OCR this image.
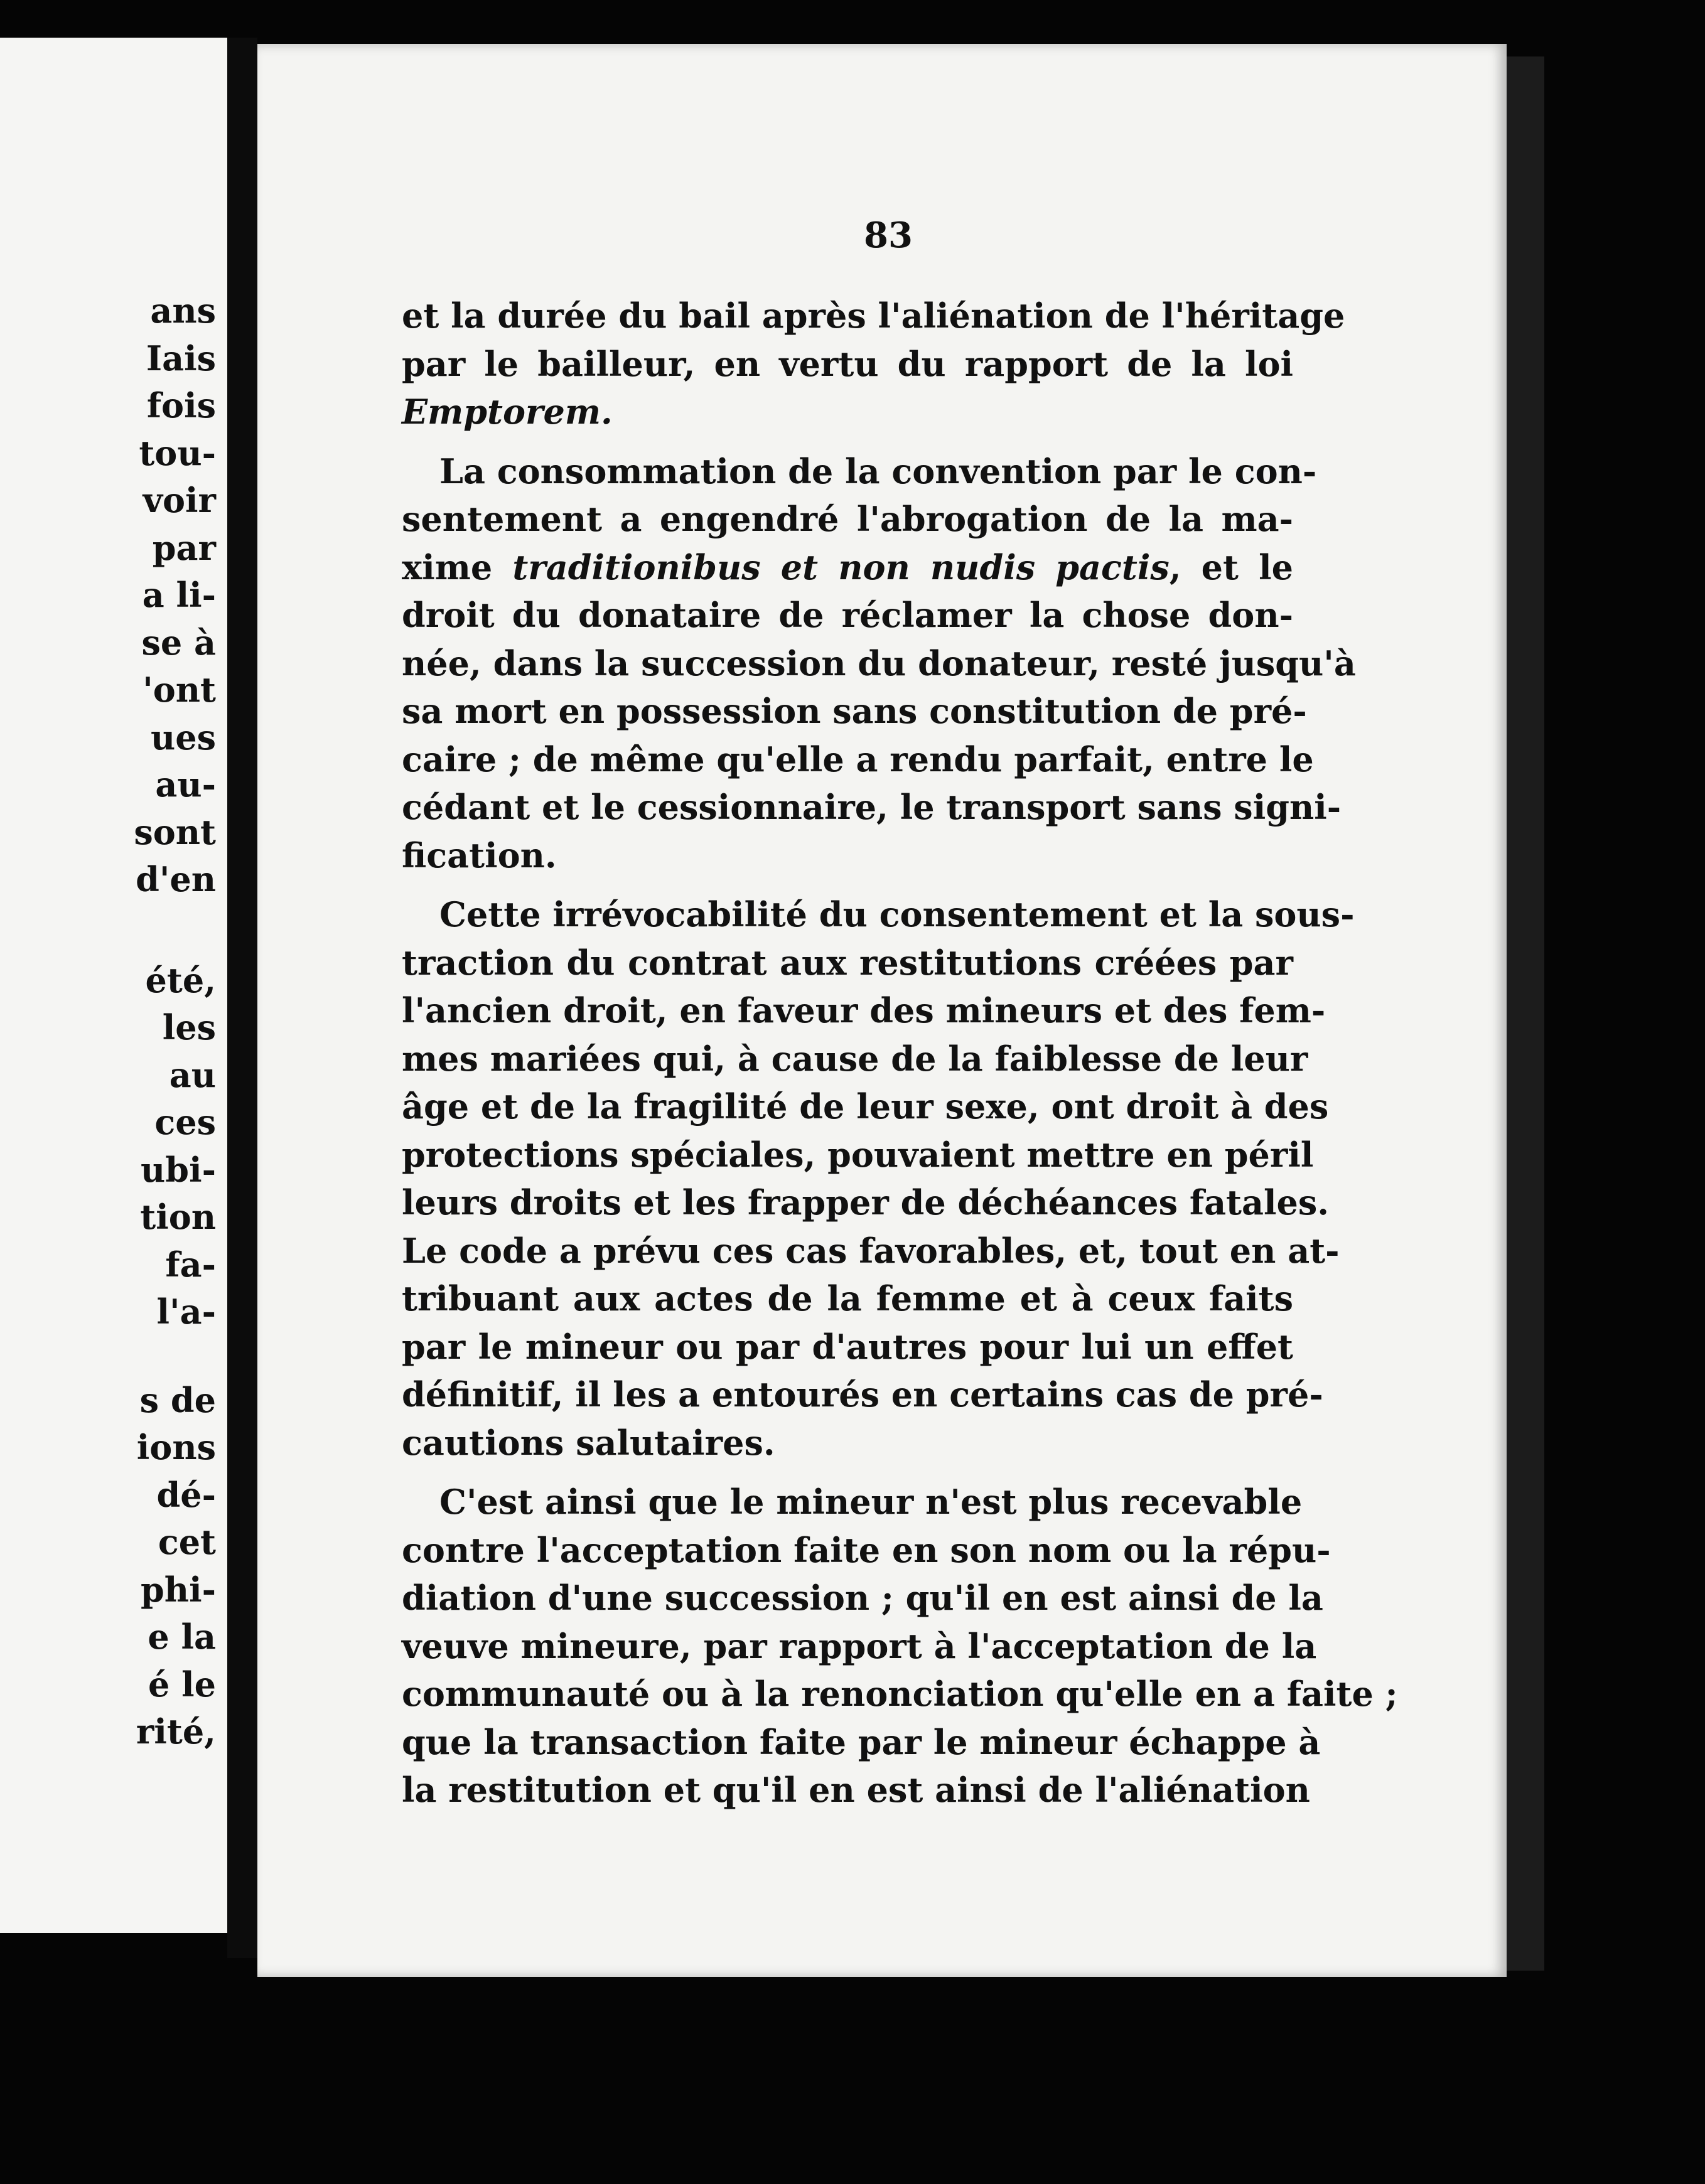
ans
Iais
fois
tou-
voir
par
a li-
se à
'ont
ues
au-
sont
d'en
été,
les
au
ces
ubi-
tion
fa-
l'a-
s de
ions
dé-
cet
phi-
e la
é le
rité,
83
et la durée du bail après l'aliénation de l'héritage
par le bailleur, en vertu du rapport de la loi
Emptorem.
La consommation de la convention par le con-
sentement a engendré l'abrogation de la ma-
xime traditionibus et non nudis pactis, et le
droit du donataire de réclamer la chose don-
née, dans la succession du donateur, resté jusqu'à
sa mort en possession sans constitution de pré-
caire ; de même qu'elle a rendu parfait, entre le
cédant et le cessionnaire, le transport sans signi-
fication.
Cette irrévocabilité du consentement et la sous-
traction du contrat aux restitutions créées par
l'ancien droit, en faveur des mineurs et des fem-
mes mariées qui, à cause de la faiblesse de leur
âge et de la fragilité de leur sexe, ont droit à des
protections spéciales, pouvaient mettre en péril
leurs droits et les frapper de déchéances fatales.
Le code a prévu ces cas favorables, et, tout en at-
tribuant aux actes de la femme et à ceux faits
par le mineur ou par d'autres pour lui un effet
définitif, il les a entourés en certains cas de pré-
cautions salutaires.
C'est ainsi que le mineur n'est plus recevable
contre l'acceptation faite en son nom ou la répu-
diation d'une succession ; qu'il en est ainsi de la
veuve mineure, par rapport à l'acceptation de la
communauté ou à la renonciation qu'elle en a faite ;
que la transaction faite par le mineur échappe à
la restitution et qu'il en est ainsi de l'aliénation
